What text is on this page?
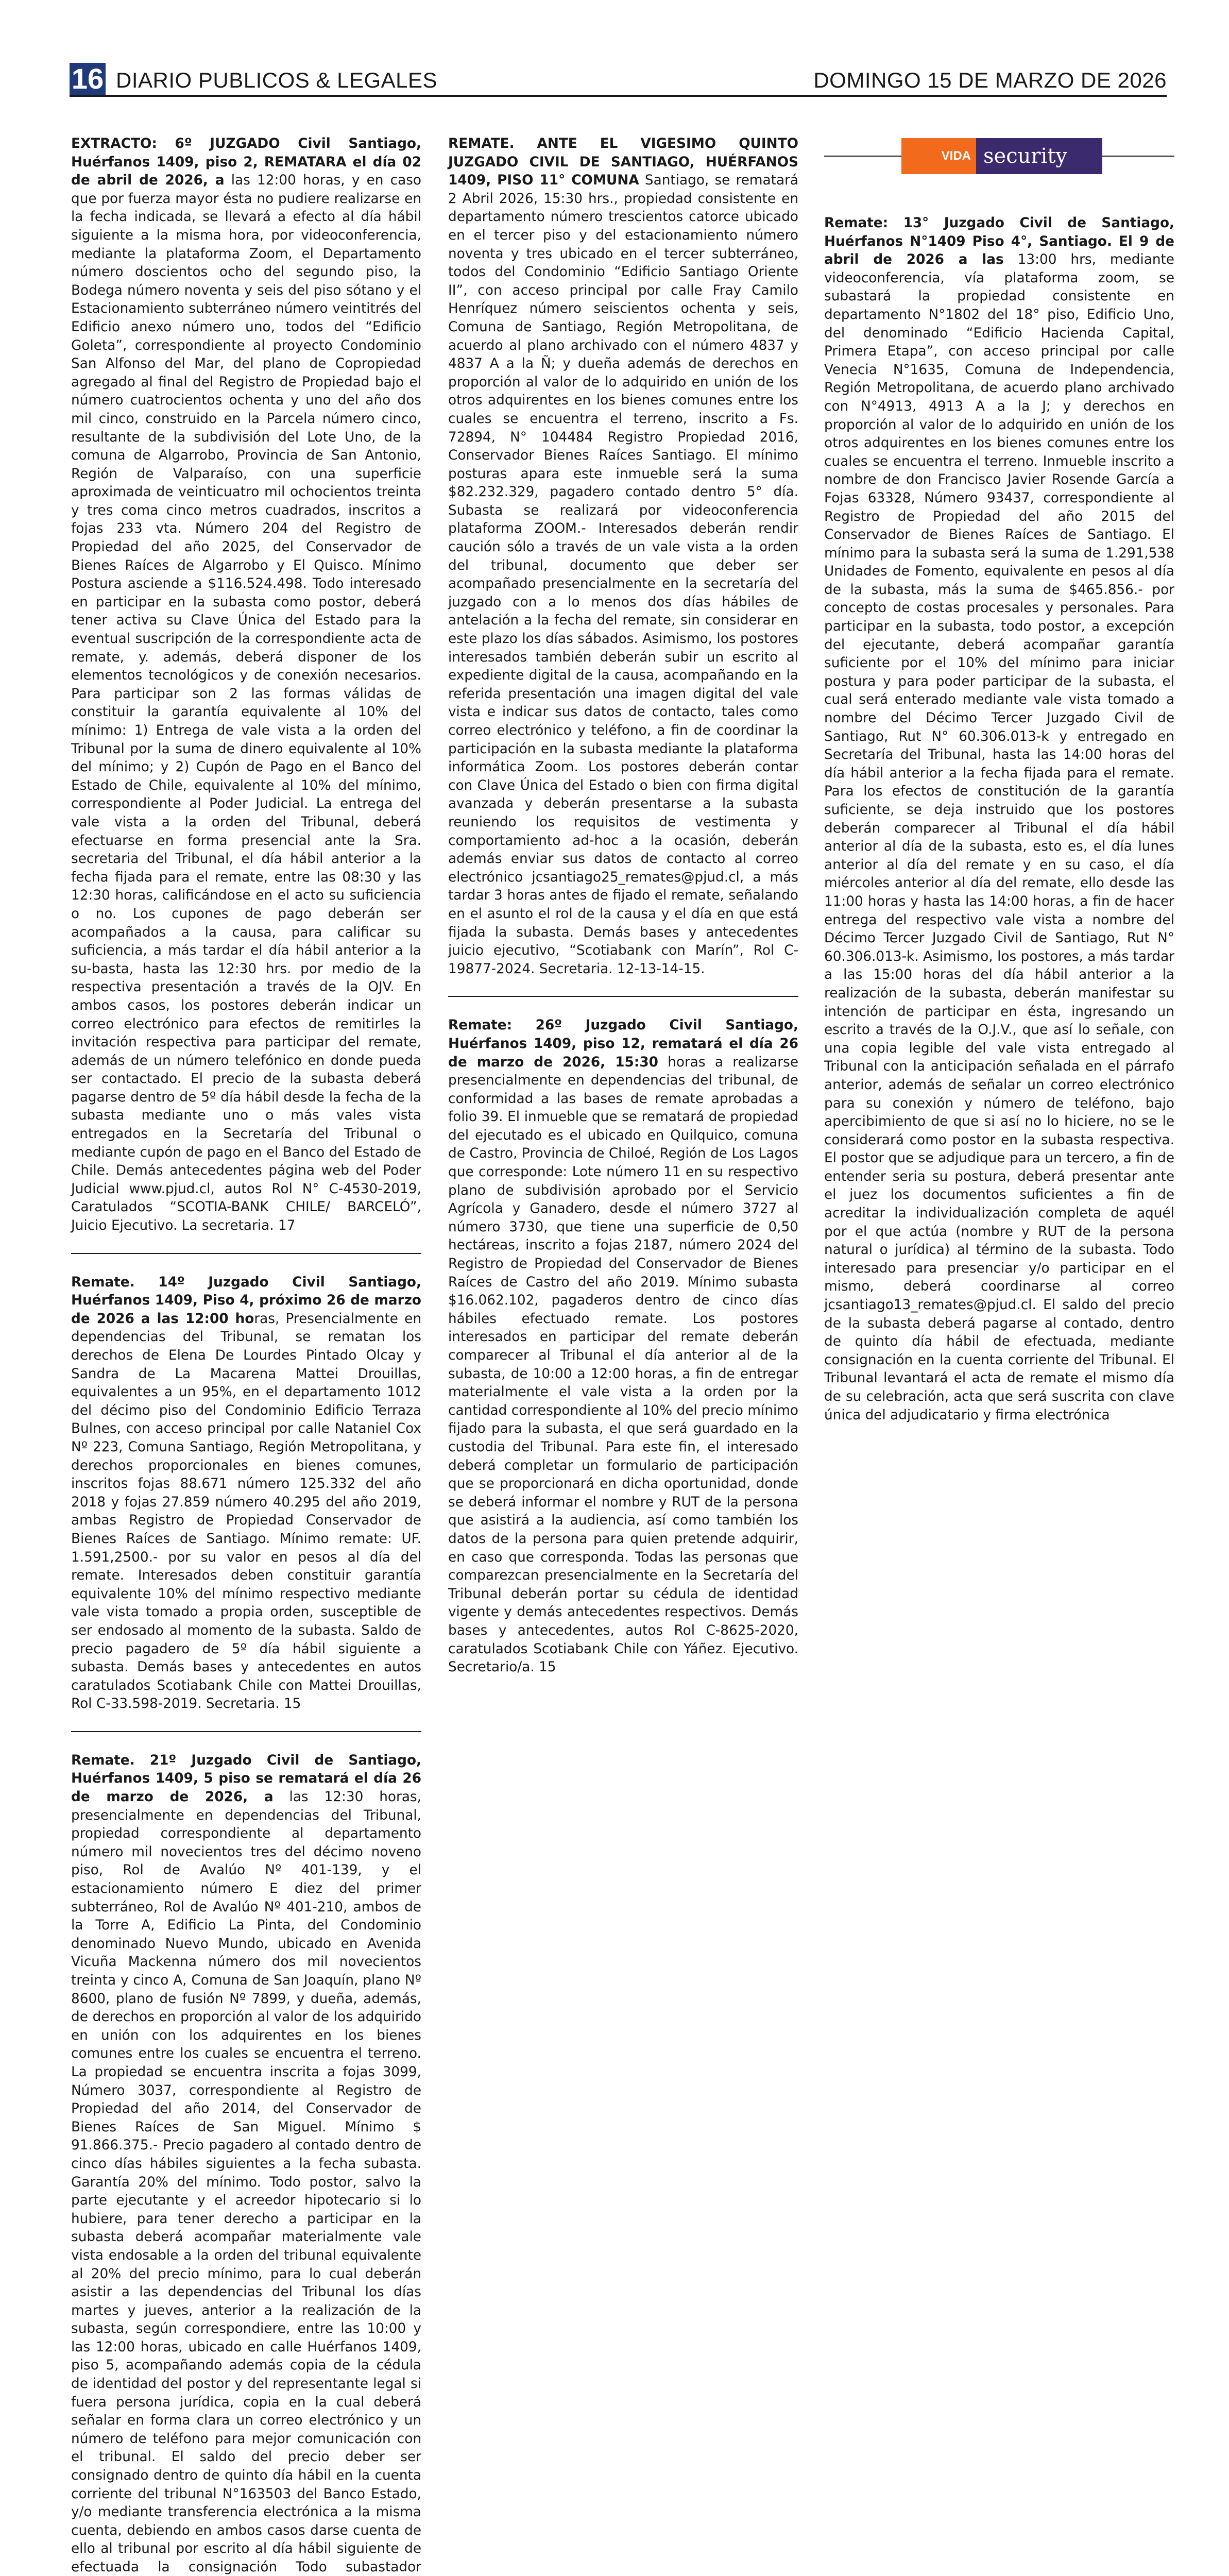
16 DIARIO PUBLICOS & LEGALES	DOMINGO 15 DE MARZO DE 2026

EXTRACTO: 6º JUZGADO Civil Santiago, Huérfanos 1409, piso 2, REMATARA el día 02 de abril de 2026, a las 12:00 horas, y en caso que por fuerza mayor ésta no pudiere realizarse en la fecha indicada, se llevará a efecto al día hábil siguiente a la misma hora, por videoconferencia, mediante la plataforma Zoom, el Departamento número doscientos ocho del segundo piso, la Bodega número noventa y seis del piso sótano y el Estacionamiento subterráneo número veintitrés del Edificio anexo número uno, todos del “Edificio Goleta”, correspondiente al proyecto Condominio San Alfonso del Mar, del plano de Copropiedad agregado al final del Registro de Propiedad bajo el número cuatrocientos ochenta y uno del año dos mil cinco, construido en la Parcela número cinco, resultante de la subdivisión del Lote Uno, de la comuna de Algarrobo, Provincia de San Antonio, Región de Valparaíso, con una superficie aproximada de veinticuatro mil ochocientos treinta y tres coma cinco metros cuadrados, inscritos a fojas 233 vta. Número 204 del Registro de Propiedad del año 2025, del Conservador de Bienes Raíces de Algarrobo y El Quisco. Mínimo Postura asciende a $116.524.498. Todo interesado en participar en la subasta como postor, deberá tener activa su Clave Única del Estado para la eventual suscripción de la correspondiente acta de remate, y. además, deberá disponer de los elementos tecnológicos y de conexión necesarios. Para participar son 2 las formas válidas de constituir la garantía equivalente al 10% del mínimo: 1) Entrega de vale vista a la orden del Tribunal por la suma de dinero equivalente al 10% del mínimo; y 2) Cupón de Pago en el Banco del Estado de Chile, equivalente al 10% del mínimo, correspondiente al Poder Judicial. La entrega del vale vista a la orden del Tribunal, deberá efectuarse en forma presencial ante la Sra. secretaria del Tribunal, el día hábil anterior a la fecha fijada para el remate, entre las 08:30 y las 12:30 horas, calificándose en el acto su suficiencia o no. Los cupones de pago deberán ser acompañados a la causa, para calificar su suficiencia, a más tardar el día hábil anterior a la su-basta, hasta las 12:30 hrs. por medio de la respectiva presentación a través de la OJV. En ambos casos, los postores deberán indicar un correo electrónico para efectos de remitirles la invitación respectiva para participar del remate, además de un número telefónico en donde pueda ser contactado. El precio de la subasta deberá pagarse dentro de 5º día hábil desde la fecha de la subasta mediante uno o más vales vista entregados en la Secretaría del Tribunal o mediante cupón de pago en el Banco del Estado de Chile. Demás antecedentes página web del Poder Judicial www.pjud.cl, autos Rol N° C-4530-2019, Caratulados “SCOTIA-BANK CHILE/ BARCELÓ”, Juicio Ejecutivo. La secretaria. 17

Remate. 14º Juzgado Civil Santiago, Huérfanos 1409, Piso 4, próximo 26 de marzo de 2026 a las 12:00 horas, Presencialmente en dependencias del Tribunal, se rematan los derechos de Elena De Lourdes Pintado Olcay y Sandra de La Macarena Mattei Drouillas, equivalentes a un 95%, en el departamento 1012 del décimo piso del Condominio Edificio Terraza Bulnes, con acceso principal por calle Nataniel Cox Nº 223, Comuna Santiago, Región Metropolitana, y derechos proporcionales en bienes comunes, inscritos fojas 88.671 número 125.332 del año 2018 y fojas 27.859 número 40.295 del año 2019, ambas Registro de Propiedad Conservador de Bienes Raíces de Santiago. Mínimo remate: UF. 1.591,2500.- por su valor en pesos al día del remate. Interesados deben constituir garantía equivalente 10% del mínimo respectivo mediante vale vista tomado a propia orden, susceptible de ser endosado al momento de la subasta. Saldo de precio pagadero de 5º día hábil siguiente a subasta. Demás bases y antecedentes en autos caratulados Scotiabank Chile con Mattei Drouillas, Rol C-33.598-2019. Secretaria. 15

Remate. 21º Juzgado Civil de Santiago, Huérfanos 1409, 5 piso se rematará el día 26 de marzo de 2026, a las 12:30 horas, presencialmente en dependencias del Tribunal, propiedad correspondiente al departamento número mil novecientos tres del décimo noveno piso, Rol de Avalúo Nº 401-139, y el estacionamiento número E diez del primer subterráneo, Rol de Avalúo Nº 401-210, ambos de la Torre A, Edificio La Pinta, del Condominio denominado Nuevo Mundo, ubicado en Avenida Vicuña Mackenna número dos mil novecientos treinta y cinco A, Comuna de San Joaquín, plano Nº 8600, plano de fusión Nº 7899, y dueña, además, de derechos en proporción al valor de los adquirido en unión con los adquirentes en los bienes comunes entre los cuales se encuentra el terreno. La propiedad se encuentra inscrita a fojas 3099, Número 3037, correspondiente al Registro de Propiedad del año 2014, del Conservador de Bienes Raíces de San Miguel. Mínimo $ 91.866.375.- Precio pagadero al contado dentro de cinco días hábiles siguientes a la fecha subasta. Garantía 20% del mínimo. Todo postor, salvo la parte ejecutante y el acreedor hipotecario si lo hubiere, para tener derecho a participar en la subasta deberá acompañar materialmente vale vista endosable a la orden del tribunal equivalente al 20% del precio mínimo, para lo cual deberán asistir a las dependencias del Tribunal los días martes y jueves, anterior a la realización de la subasta, según correspondiere, entre las 10:00 y las 12:00 horas, ubicado en calle Huérfanos 1409, piso 5, acompañando además copia de la cédula de identidad del postor y del representante legal si fuera persona jurídica, copia en la cual deberá señalar en forma clara un correo electrónico y un número de teléfono para mejor comunicación con el tribunal. El saldo del precio deber ser consignado dentro de quinto día hábil en la cuenta corriente del tribunal N°163503 del Banco Estado, y/o mediante transferencia electrónica a la misma cuenta, debiendo en ambos casos darse cuenta de ello al tribunal por escrito al día hábil siguiente de efectuada la consignación Todo subastador

REMATE. ANTE EL VIGESIMO QUINTO JUZGADO CIVIL DE SANTIAGO, HUÉRFANOS 1409, PISO 11° COMUNA Santiago, se rematará 2 Abril 2026, 15:30 hrs., propiedad consistente en departamento número trescientos catorce ubicado en el tercer piso y del estacionamiento número noventa y tres ubicado en el tercer subterráneo, todos del Condominio “Edificio Santiago Oriente II”, con acceso principal por calle Fray Camilo Henríquez número seiscientos ochenta y seis, Comuna de Santiago, Región Metropolitana, de acuerdo al plano archivado con el número 4837 y 4837 A a la Ñ; y dueña además de derechos en proporción al valor de lo adquirido en unión de los otros adquirentes en los bienes comunes entre los cuales se encuentra el terreno, inscrito a Fs. 72894, N° 104484 Registro Propiedad 2016, Conservador Bienes Raíces Santiago. El mínimo posturas apara este inmueble será la suma $82.232.329, pagadero contado dentro 5° día. Subasta se realizará por videoconferencia plataforma ZOOM.- Interesados deberán rendir caución sólo a través de un vale vista a la orden del tribunal, documento que deber ser acompañado presencialmente en la secretaría del juzgado con a lo menos dos días hábiles de antelación a la fecha del remate, sin considerar en este plazo los días sábados. Asimismo, los postores interesados también deberán subir un escrito al expediente digital de la causa, acompañando en la referida presentación una imagen digital del vale vista e indicar sus datos de contacto, tales como correo electrónico y teléfono, a fin de coordinar la participación en la subasta mediante la plataforma informática Zoom. Los postores deberán contar con Clave Única del Estado o bien con firma digital avanzada y deberán presentarse a la subasta reuniendo los requisitos de vestimenta y comportamiento ad-hoc a la ocasión, deberán además enviar sus datos de contacto al correo electrónico jcsantiago25_remates@pjud.cl, a más tardar 3 horas antes de fijado el remate, señalando en el asunto el rol de la causa y el día en que está fijada la subasta. Demás bases y antecedentes juicio ejecutivo, “Scotiabank con Marín”, Rol C-19877-2024. Secretaria. 12-13-14-15.

Remate: 26º Juzgado Civil Santiago, Huérfanos 1409, piso 12, rematará el día 26 de marzo de 2026, 15:30 horas a realizarse presencialmente en dependencias del tribunal, de conformidad a las bases de remate aprobadas a folio 39. El inmueble que se rematará de propiedad del ejecutado es el ubicado en Quilquico, comuna de Castro, Provincia de Chiloé, Región de Los Lagos que corresponde: Lote número 11 en su respectivo plano de subdivisión aprobado por el Servicio Agrícola y Ganadero, desde el número 3727 al número 3730, que tiene una superficie de 0,50 hectáreas, inscrito a fojas 2187, número 2024 del Registro de Propiedad del Conservador de Bienes Raíces de Castro del año 2019. Mínimo subasta $16.062.102, pagaderos dentro de cinco días hábiles efectuado remate. Los postores interesados en participar del remate deberán comparecer al Tribunal el día anterior al de la subasta, de 10:00 a 12:00 horas, a fin de entregar materialmente el vale vista a la orden por la cantidad correspondiente al 10% del precio mínimo fijado para la subasta, el que será guardado en la custodia del Tribunal. Para este fin, el interesado deberá completar un formulario de participación que se proporcionará en dicha oportunidad, donde se deberá informar el nombre y RUT de la persona que asistirá a la audiencia, así como también los datos de la persona para quien pretende adquirir, en caso que corresponda. Todas las personas que comparezcan presencialmente en la Secretaría del Tribunal deberán portar su cédula de identidad vigente y demás antecedentes respectivos. Demás bases y antecedentes, autos Rol C-8625-2020, caratulados Scotiabank Chile con Yáñez. Ejecutivo. Secretario/a. 15

VIDA security

Remate: 13° Juzgado Civil de Santiago, Huérfanos N°1409 Piso 4°, Santiago. El 9 de abril de 2026 a las 13:00 hrs, mediante videoconferencia, vía plataforma zoom, se subastará la propiedad consistente en departamento N°1802 del 18° piso, Edificio Uno, del denominado “Edificio Hacienda Capital, Primera Etapa”, con acceso principal por calle Venecia N°1635, Comuna de Independencia, Región Metropolitana, de acuerdo plano archivado con N°4913, 4913 A a la J; y derechos en proporción al valor de lo adquirido en unión de los otros adquirentes en los bienes comunes entre los cuales se encuentra el terreno. Inmueble inscrito a nombre de don Francisco Javier Rosende García a Fojas 63328, Número 93437, correspondiente al Registro de Propiedad del año 2015 del Conservador de Bienes Raíces de Santiago. El mínimo para la subasta será la suma de 1.291,538 Unidades de Fomento, equivalente en pesos al día de la subasta, más la suma de $465.856.- por concepto de costas procesales y personales. Para participar en la subasta, todo postor, a excepción del ejecutante, deberá acompañar garantía suficiente por el 10% del mínimo para iniciar postura y para poder participar de la subasta, el cual será enterado mediante vale vista tomado a nombre del Décimo Tercer Juzgado Civil de Santiago, Rut N° 60.306.013-k y entregado en Secretaría del Tribunal, hasta las 14:00 horas del día hábil anterior a la fecha fijada para el remate. Para los efectos de constitución de la garantía suficiente, se deja instruido que los postores deberán comparecer al Tribunal el día hábil anterior al día de la subasta, esto es, el día lunes anterior al día del remate y en su caso, el día miércoles anterior al día del remate, ello desde las 11:00 horas y hasta las 14:00 horas, a fin de hacer entrega del respectivo vale vista a nombre del Décimo Tercer Juzgado Civil de Santiago, Rut N° 60.306.013-k. Asimismo, los postores, a más tardar a las 15:00 horas del día hábil anterior a la realización de la subasta, deberán manifestar su intención de participar en ésta, ingresando un escrito a través de la O.J.V., que así lo señale, con una copia legible del vale vista entregado al Tribunal con la anticipación señalada en el párrafo anterior, además de señalar un correo electrónico para su conexión y número de teléfono, bajo apercibimiento de que si así no lo hiciere, no se le considerará como postor en la subasta respectiva. El postor que se adjudique para un tercero, a fin de entender seria su postura, deberá presentar ante el juez los documentos suficientes a fin de acreditar la individualización completa de aquél por el que actúa (nombre y RUT de la persona natural o jurídica) al término de la subasta. Todo interesado para presenciar y/o participar en el mismo, deberá coordinarse al correo jcsantiago13_remates@pjud.cl. El saldo del precio de la subasta deberá pagarse al contado, dentro de quinto día hábil de efectuada, mediante consignación en la cuenta corriente del Tribunal. El Tribunal levantará el acta de remate el mismo día de su celebración, acta que será suscrita con clave única del adjudicatario y firma electrónica
